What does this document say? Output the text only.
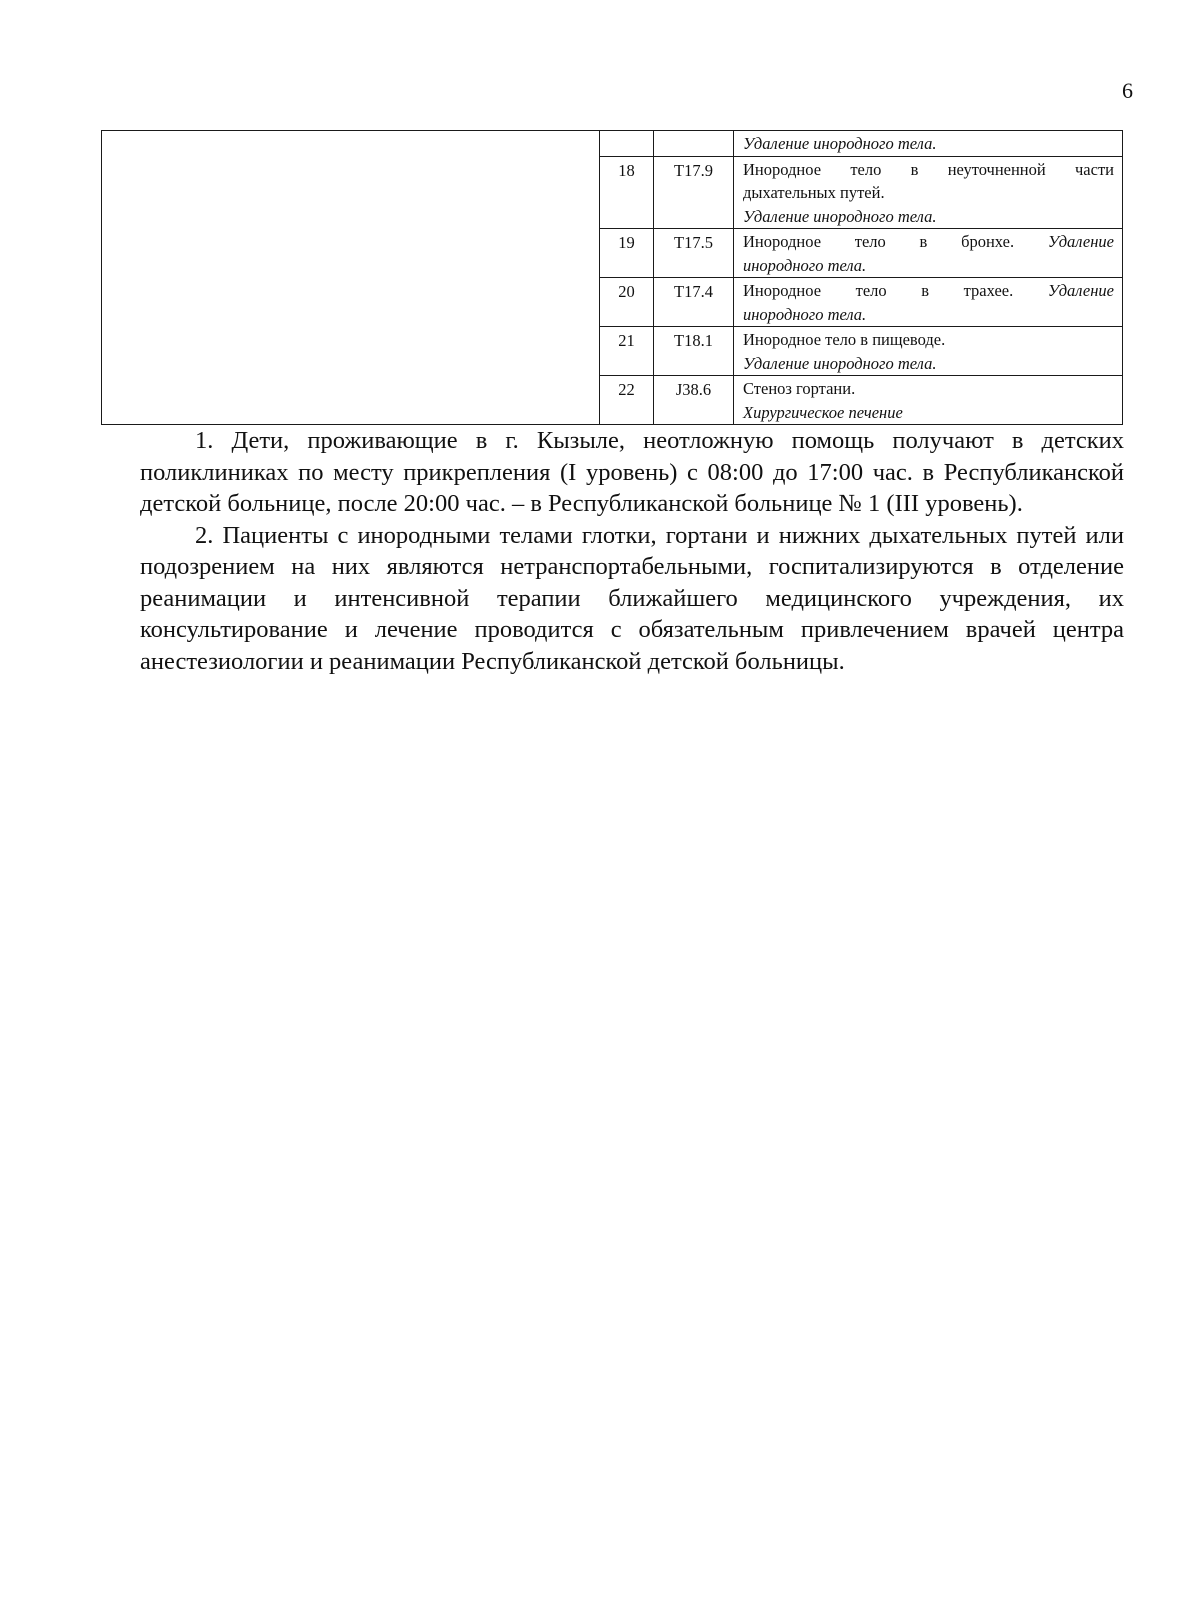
6

			Удаление инородного тела.

	18	T17.9	Инородное тело в неуточненной части
дыхательных путей.
Удаление инородного тела.

	19	T17.5	Инородное тело в бронхе. Удаление
инородного тела.

	20	T17.4	Инородное тело в трахее. Удаление
инородного тела.

	21	T18.1	Инородное тело в пищеводе.
Удаление инородного тела.

	22	J38.6	Стеноз гортани.
Хирургическое печение

1. Дети, проживающие в г. Кызыле, неотложную помощь получают в детских поликлиниках по месту прикрепления (I уровень) с 08:00 до 17:00 час. в Республиканской детской больнице, после 20:00 час. – в Республиканской больнице № 1 (III уровень).

2. Пациенты с инородными телами глотки, гортани и нижних дыхательных путей или подозрением на них являются нетранспортабельными, госпитализируются в отделение реанимации и интенсивной терапии ближайшего медицинского учреждения, их консультирование и лечение проводится с обязательным привлечением врачей центра анестезиологии и реанимации Республиканской детской больницы.
